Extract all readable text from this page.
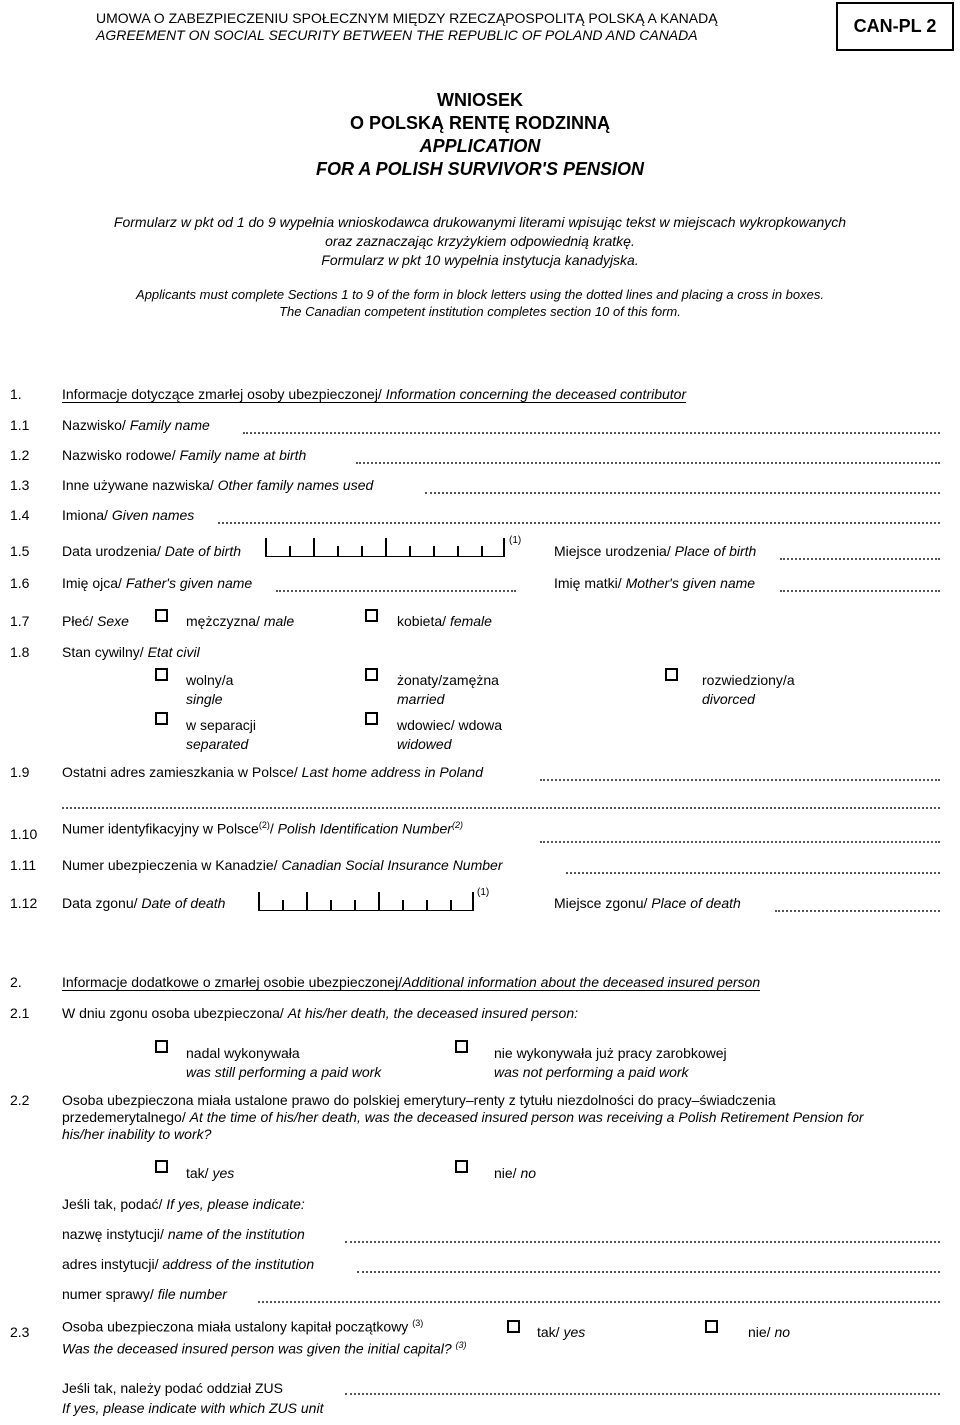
UMOWA O ZABEZPIECZENIU SPOŁECZNYM MIĘDZY RZECZĄPOSPOLITĄ POLSKĄ A KANADĄ
AGREEMENT ON SOCIAL SECURITY BETWEEN THE REPUBLIC OF POLAND AND CANADA	CAN-PL 2
WNIOSEK
O POLSKĄ RENTĘ RODZINNĄ
APPLICATION
FOR A POLISH SURVIVOR'S PENSION
Formularz w pkt od 1 do 9 wypełnia wnioskodawca drukowanymi literami wpisując tekst w miejscach wykropkowanych
oraz zaznaczając krzyżykiem odpowiednią kratkę.
Formularz w pkt 10 wypełnia instytucja kanadyjska.
Applicants must complete Sections 1 to 9 of the form in block letters using the dotted lines and placing a cross in boxes.
The Canadian competent institution completes section 10 of this form.
1.	Informacje dotyczące zmarłej osoby ubezpieczonej/ Information concerning the deceased contributor
1.1 Nazwisko/ Family name
1.2 Nazwisko rodowe/ Family name at birth
1.3 Inne używane nazwiska/ Other family names used
1.4 Imiona/ Given names
1.5 Data urodzenia/ Date of birth
(1)
Miejsce urodzenia/ Place of birth
1.6 Imię ojca/ Father's given name	Imię matki/ Mother's given name
1.7 Płeć/ Sexe	mężczyzna/ male	kobieta/ female
1.8 Stan cywilny/ Etat civil
wolny/a
single
żonaty/zamężna
married
rozwiedziony/a
divorced
w separacji
separated
wdowiec/ wdowa
widowed
1.9 Ostatni adres zamieszkania w Polsce/ Last home address in Poland
1.10 Numer identyfikacyjny w Polsce$^{(2)}$/ Polish Identification Number$^{(2)}$
1.11 Numer ubezpieczenia w Kanadzie/ Canadian Social Insurance Number
1.12 Data zgonu/ Date of death
(1)
Miejsce zgonu/ Place of death
2.	Informacje dodatkowe o zmarłej osobie ubezpieczonej/Additional information about the deceased insured person
2.1 W dniu zgonu osoba ubezpieczona/ At his/her death, the deceased insured person:
nadal wykonywała
was still performing a paid work
nie wykonywała już pracy zarobkowej
was not performing a paid work
2.2 Osoba ubezpieczona miała ustalone prawo do polskiej emerytury–renty z tytułu niezdolności do pracy–świadczenia
przedemerytalnego/ At the time of his/her death, was the deceased insured person was receiving a Polish Retirement Pension for
his/her inability to work?
tak/ yes	nie/ no
Jeśli tak, podać/ If yes, please indicate:
nazwę instytucji/ name of the institution
adres instytucji/ address of the institution
numer sprawy/ file number
2.3 Osoba ubezpieczona miała ustalony kapitał początkowy $^{(3)}$
Was the deceased insured person was given the initial capital? $^{(3)}$
tak/ yes	nie/ no
Jeśli tak, należy podać oddział ZUS
If yes, please indicate with which ZUS unit
